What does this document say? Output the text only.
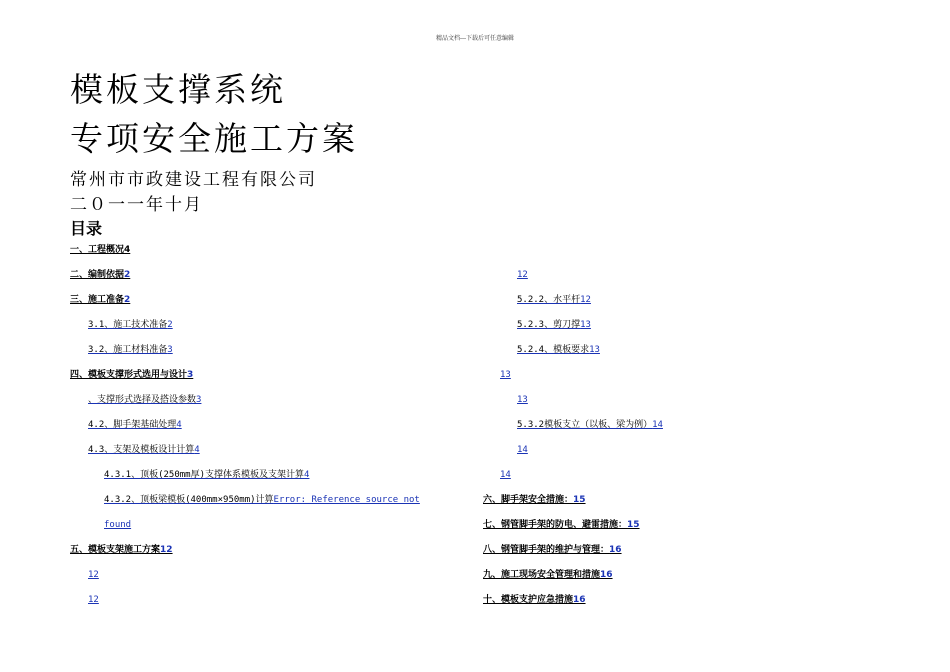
精品文档---下载后可任意编辑
模板支撑系统
专项安全施工方案
常州市市政建设工程有限公司
二０一一年十月
目录
一、工程概况4
二、编制依据2
三、施工准备2
3.1、施工技术准备2
3.2、施工材料准备3
四、模板支撑形式选用与设计3
、支撑形式选择及搭设参数3
4.2、脚手架基础处理4
4.3、支架及模板设计计算4
4.3.1、顶板(250mm厚)支撑体系模板及支架计算4
4.3.2、顶板梁模板(400mm×950mm)计算Error: Reference source not
found
五、模板支架施工方案12
12
12
12
5.2.2、水平杆12
5.2.3、剪刀撑13
5.2.4、模板要求13
13
13
5.3.2模板支立（以板、梁为例）14
14
14
六、脚手架安全措施：15
七、钢管脚手架的防电、避雷措施：15
八、钢管脚手架的维护与管理：16
九、施工现场安全管理和措施16
十、模板支护应急措施16
